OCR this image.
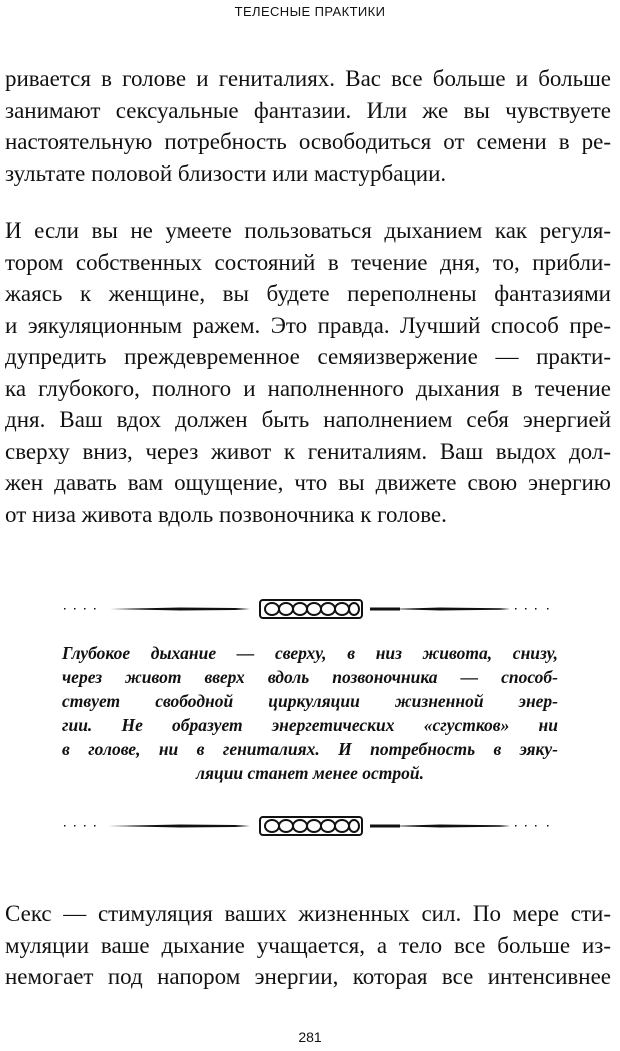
ТЕЛЕСНЫЕ ПРАКТИКИ

ривается в голове и гениталиях. Вас все больше и больше
занимают сексуальные фантазии. Или же вы чувствуете
настоятельную потребность освободиться от семени в ре-
зультате половой близости или мастурбации.

И если вы не умеете пользоваться дыханием как регуля-
тором собственных состояний в течение дня, то, прибли-
жаясь к женщине, вы будете переполнены фантазиями
и эякуляционным ражем. Это правда. Лучший способ пре-
дупредить преждевременное семяизвержение — практи-
ка глубокого, полного и наполненного дыхания в течение
дня. Ваш вдох должен быть наполнением себя энергией
сверху вниз, через живот к гениталиям. Ваш выдох дол-
жен давать вам ощущение, что вы движете свою энергию
от низа живота вдоль позвоночника к голове.

Глубокое дыхание — сверху, в низ живота, снизу,
через живот вверх вдоль позвоночника — способ-
ствует свободной циркуляции жизненной энер-
гии. Не образует энергетических «сгустков» ни
в голове, ни в гениталиях. И потребность в эяку-
ляции станет менее острой.

Секс — стимуляция ваших жизненных сил. По мере сти-
муляции ваше дыхание учащается, а тело все больше из-
немогает под напором энергии, которая все интенсивнее

281
